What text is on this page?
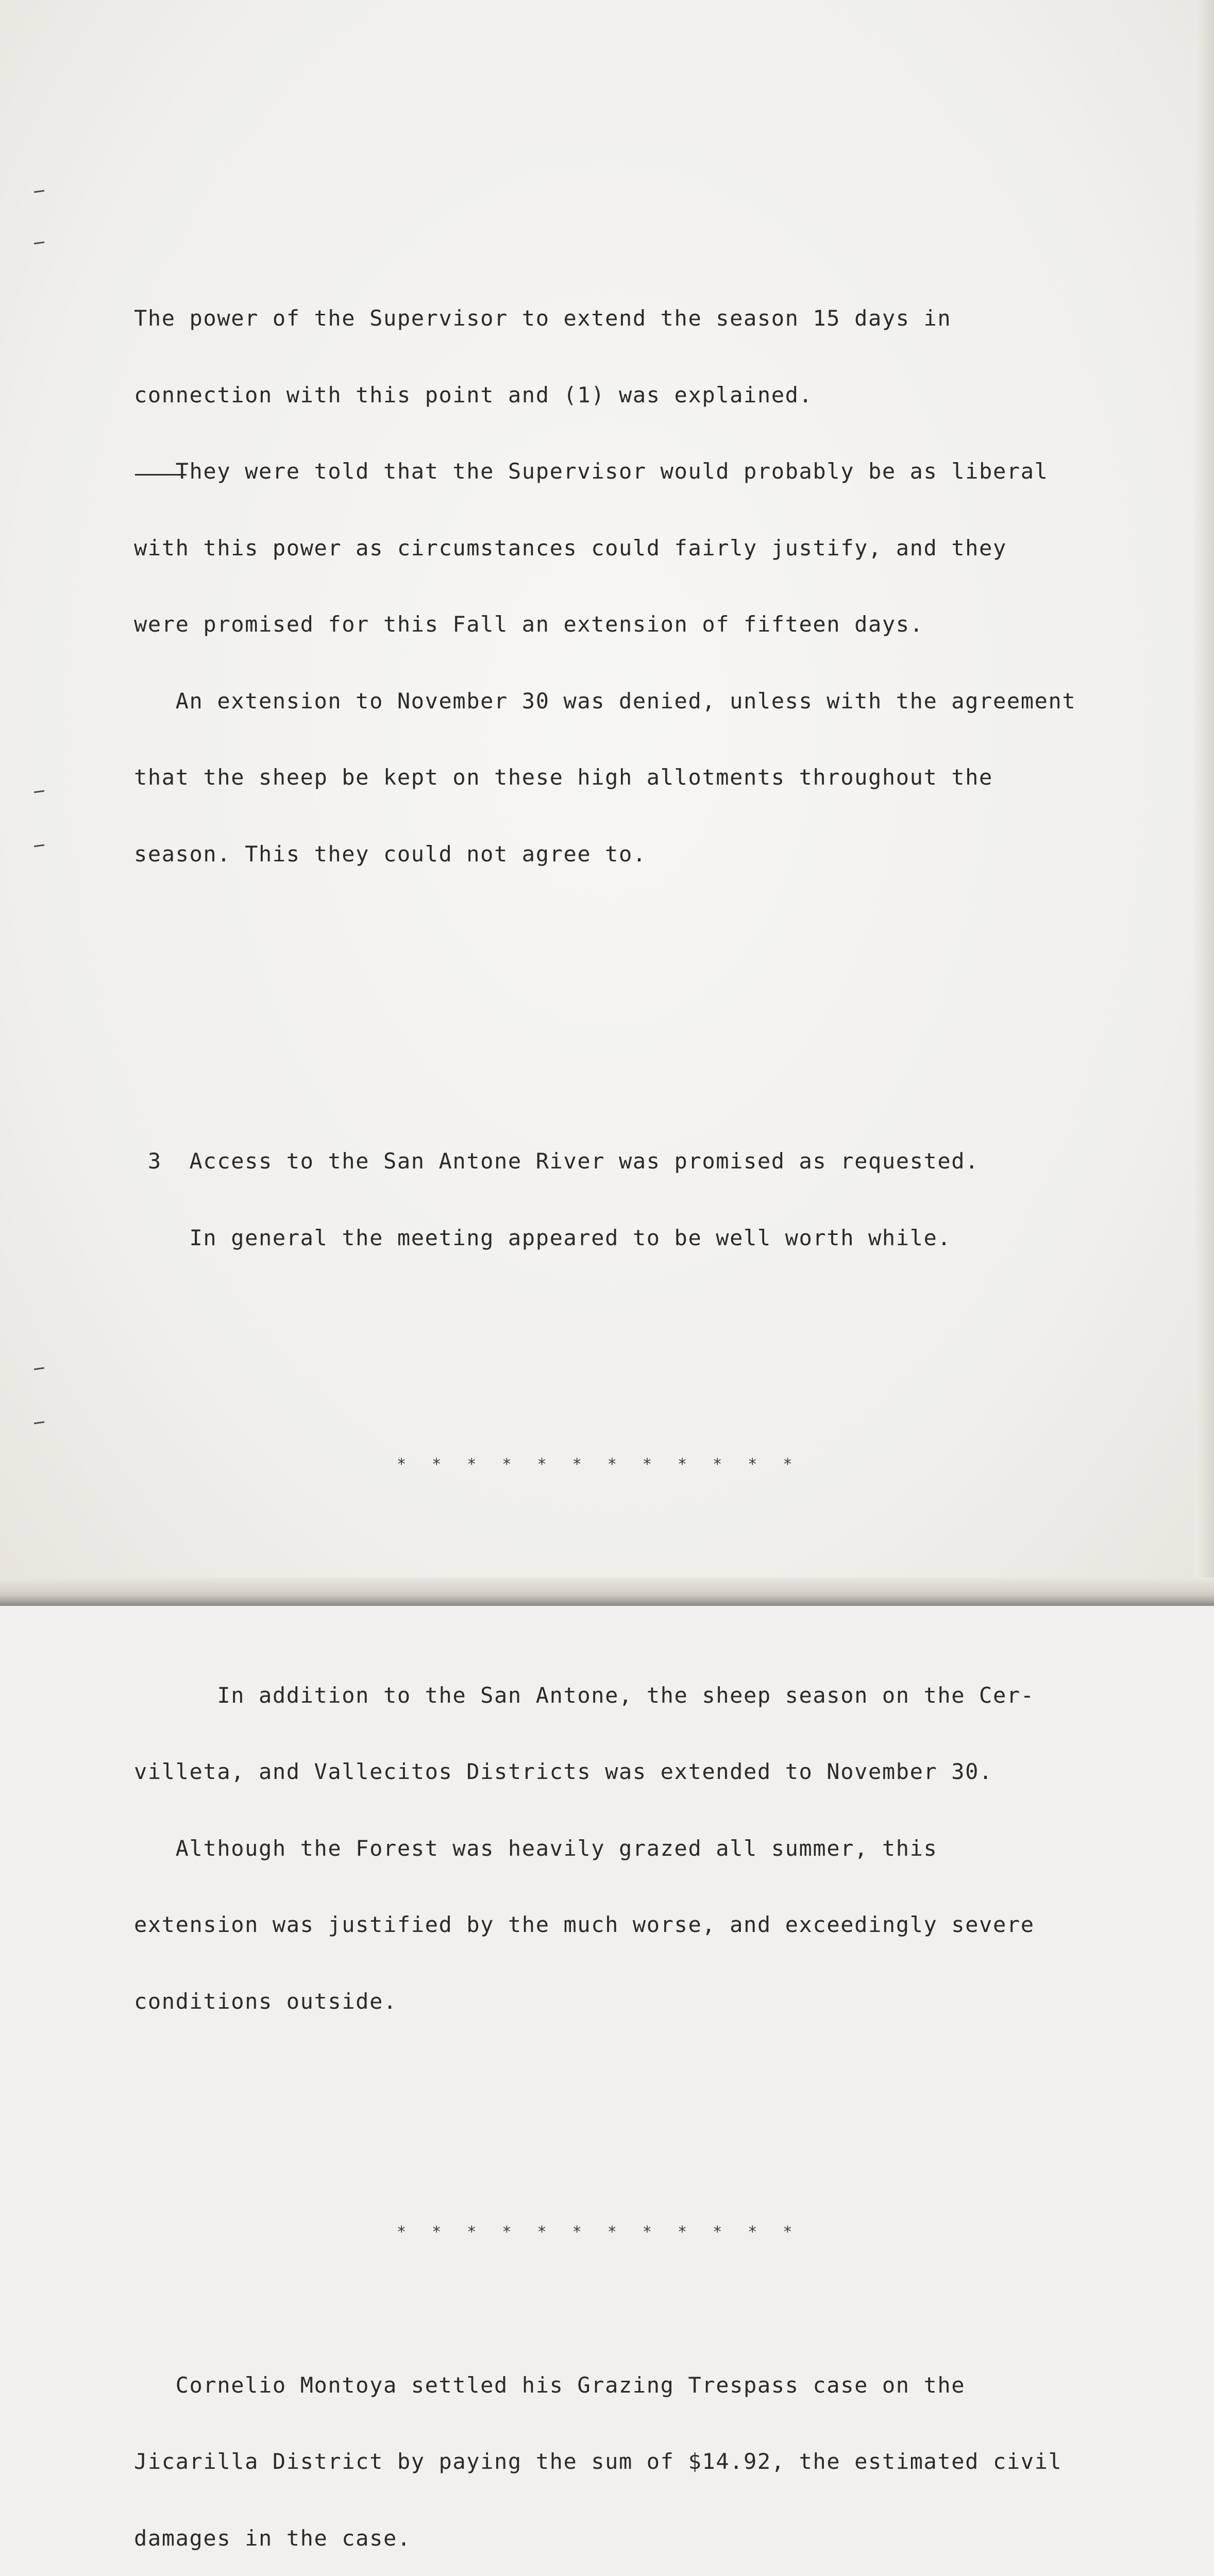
The power of the Supervisor to extend the season 15 days in

connection with this point and (1) was explained.

They were told that the Supervisor would probably be as liberal

with this power as circumstances could fairly justify, and they

were promised for this Fall an extension of fifteen days.

An extension to November 30 was denied, unless with the agreement

that the sheep be kept on these high allotments throughout the

season. This they could not agree to.

3  Access to the San Antone River was promised as requested.

In general the meeting appeared to be well worth while.

* * * * * * * * * * * *

In addition to the San Antone, the sheep season on the Cer-

villeta, and Vallecitos Districts was extended to November 30.

Although the Forest was heavily grazed all summer, this

extension was justified by the much worse, and exceedingly severe

conditions outside.

* * * * * * * * * * * *

Cornelio Montoya settled his Grazing Trespass case on the

Jicarilla District by paying the sum of $14.92, the estimated civil

damages in the case.
